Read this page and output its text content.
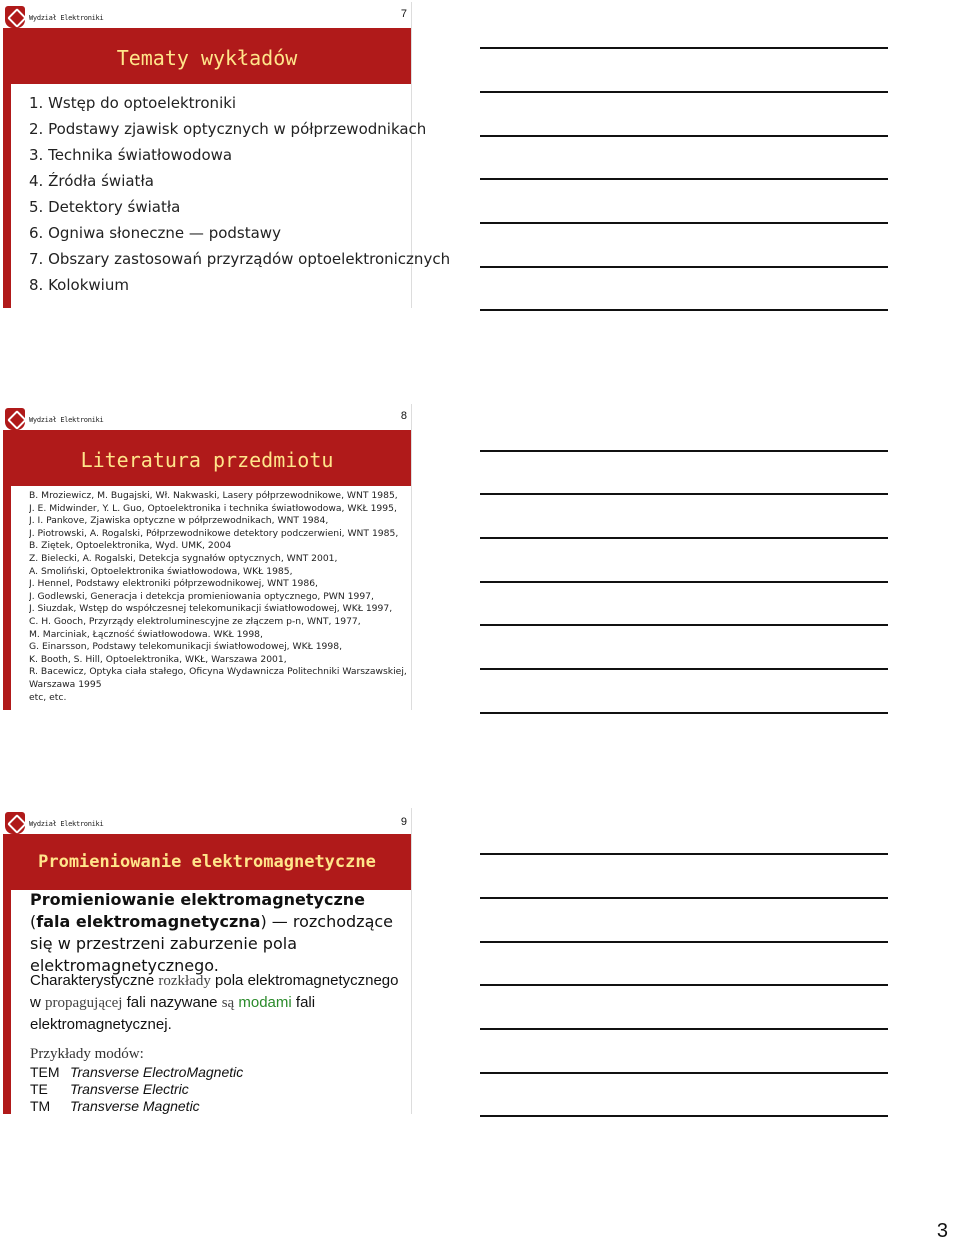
Wydział Elektroniki	7
Tematy wykładów
1. Wstęp do optoelektroniki
2. Podstawy zjawisk optycznych w półprzewodnikach
3. Technika światłowodowa
4. Źródła światła
5. Detektory światła
6. Ogniwa słoneczne — podstawy
7. Obszary zastosowań przyrządów optoelektronicznych
8. Kolokwium
Wydział Elektroniki	8
Literatura przedmiotu
B. Mroziewicz, M. Bugajski, Wł. Nakwaski, Lasery półprzewodnikowe, WNT 1985,
J. E. Midwinder, Y. L. Guo, Optoelektronika i technika światłowodowa, WKŁ 1995,
J. I. Pankove, Zjawiska optyczne w półprzewodnikach, WNT 1984,
J. Piotrowski, A. Rogalski, Półprzewodnikowe detektory podczerwieni, WNT 1985,
B. Ziętek, Optoelektronika, Wyd. UMK, 2004
Z. Bielecki, A. Rogalski, Detekcja sygnałów optycznych, WNT 2001,
A. Smoliński, Optoelektronika światłowodowa, WKŁ 1985,
J. Hennel, Podstawy elektroniki półprzewodnikowej, WNT 1986,
J. Godlewski, Generacja i detekcja promieniowania optycznego, PWN 1997,
J. Siuzdak, Wstęp do współczesnej telekomunikacji światłowodowej, WKŁ 1997,
C. H. Gooch, Przyrządy elektroluminescyjne ze złączem p-n, WNT, 1977,
M. Marciniak, Łączność światłowodowa. WKŁ 1998,
G. Einarsson, Podstawy telekomunikacji światłowodowej, WKŁ 1998,
K. Booth, S. Hill, Optoelektronika, WKŁ, Warszawa 2001,
R. Bacewicz, Optyka ciała stałego, Oficyna Wydawnicza Politechniki Warszawskiej,
Warszawa 1995
etc, etc.
Wydział Elektroniki	9
Promieniowanie elektromagnetyczne
Promieniowanie elektromagnetyczne (fala elektromagnetyczna) — rozchodzące się w przestrzeni zaburzenie pola elektromagnetycznego.
Charakterystyczne rozkłady pola elektromagnetycznego w propagującej fali nazywane są modami fali elektromagnetycznej.
Przykłady modów:
TEM Transverse ElectroMagnetic
TE Transverse Electric
TM Transverse Magnetic
3
